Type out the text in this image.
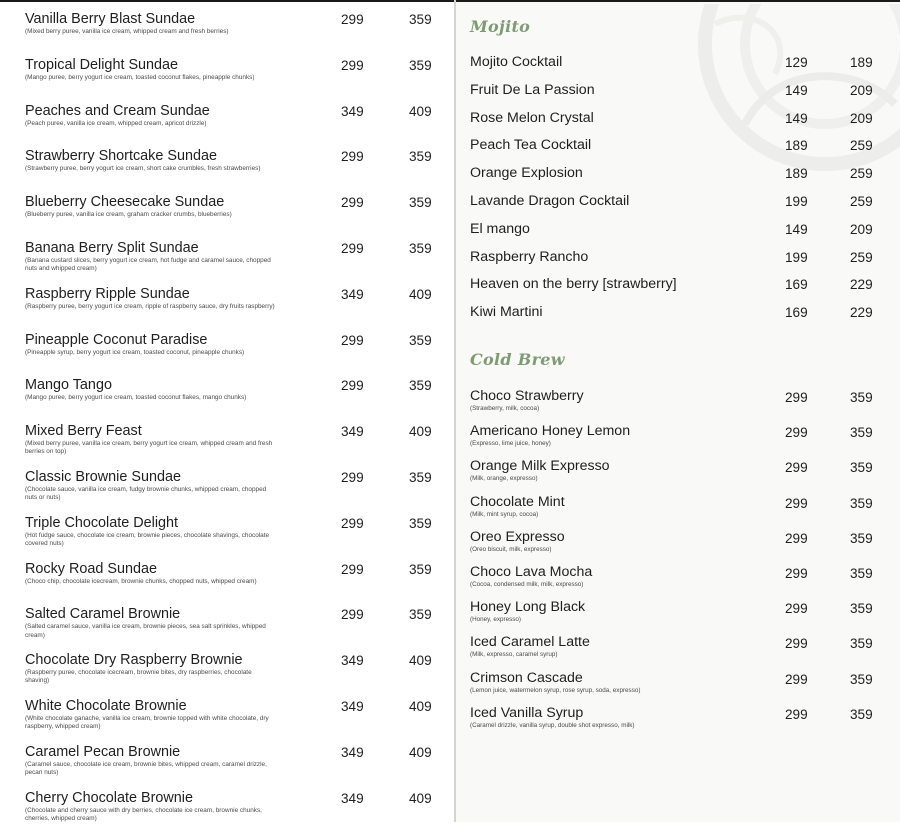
Vanilla Berry Blast Sundae
(Mixed berry puree, vanilla ice cream, whipped cream and fresh berries)
299	359
Tropical Delight Sundae
(Mango puree, berry yogurt ice cream, toasted coconut flakes, pineapple chunks)
299	359
Peaches and Cream Sundae
(Peach puree, vanilla ice cream, whipped cream, apricot drizzle)
349	409
Strawberry Shortcake Sundae
(Strawberry puree, berry yogurt ice cream, short cake crumbles, fresh strawberries)
299	359
Blueberry Cheesecake Sundae
(Blueberry puree, vanilla ice cream, graham cracker crumbs, blueberries)
299	359
Banana Berry Split Sundae
(Banana custard slices, berry yogurt ice cream, hot fudge and caramel sauce, chopped nuts and whipped cream)
299	359
Raspberry Ripple Sundae
(Raspberry puree, berry yogurt ice cream, ripple of raspberry sauce, dry fruits raspberry)
349	409
Pineapple Coconut Paradise
(Pineapple syrup, berry yogurt ice cream, toasted coconut, pineapple chunks)
299	359
Mango Tango
(Mango puree, berry yogurt ice cream, toasted coconut flakes, mango chunks)
299	359
Mixed Berry Feast
(Mixed berry puree, vanilla ice cream, berry yogurt ice cream, whipped cream and fresh berries on top)
349	409
Classic Brownie Sundae
(Chocolate sauce, vanilla ice cream, fudgy brownie chunks, whipped cream, chopped nuts or nuts)
299	359
Triple Chocolate Delight
(Hot fudge sauce, chocolate ice cream, brownie pieces, chocolate shavings, chocolate covered nuts)
299	359
Rocky Road Sundae
(Choco chip, chocolate icecream, brownie chunks, chopped nuts, whipped cream)
299	359
Salted Caramel Brownie
(Salted caramel sauce, vanilla ice cream, brownie pieces, sea salt sprinkles, whipped cream)
299	359
Chocolate Dry Raspberry Brownie
(Raspberry puree, chocolate icecream, brownie bites, dry raspberries, chocolate shaving)
349	409
White Chocolate Brownie
(White chocolate ganache, vanilla ice cream, brownie topped with white chocolate, dry raspberry, whipped cream)
349	409
Caramel Pecan Brownie
(Caramel sauce, chocolate ice cream, brownie bites, whipped cream, caramel drizzle, pecan nuts)
349	409
Cherry Chocolate Brownie
(Chocolate and cherry sauce with dry berries, chocolate ice cream, brownie chunks, cherries, whipped cream)
349	409
Mojito
Mojito Cocktail	129	189
Fruit De La Passion	149	209
Rose Melon Crystal	149	209
Peach Tea Cocktail	189	259
Orange Explosion	189	259
Lavande Dragon Cocktail	199	259
El mango	149	209
Raspberry Rancho	199	259
Heaven on the berry [strawberry]	169	229
Kiwi Martini	169	229
Cold Brew
Choco Strawberry
(Strawberry, milk, cocoa)
299	359
Americano Honey Lemon
(Expresso, lime juice, honey)
299	359
Orange Milk Expresso
(Milk, orange, expresso)
299	359
Chocolate Mint
(Milk, mint syrup, cocoa)
299	359
Oreo Expresso
(Oreo biscuit, milk, expresso)
299	359
Choco Lava Mocha
(Cocoa, condensed milk, milk, expresso)
299	359
Honey Long Black
(Honey, expresso)
299	359
Iced Caramel Latte
(Milk, expresso, caramel syrup)
299	359
Crimson Cascade
(Lemon juice, watermelon syrup, rose syrup, soda, expresso)
299	359
Iced Vanilla Syrup
(Caramel drizzle, vanilla syrup, double shot expresso, milk)
299	359
